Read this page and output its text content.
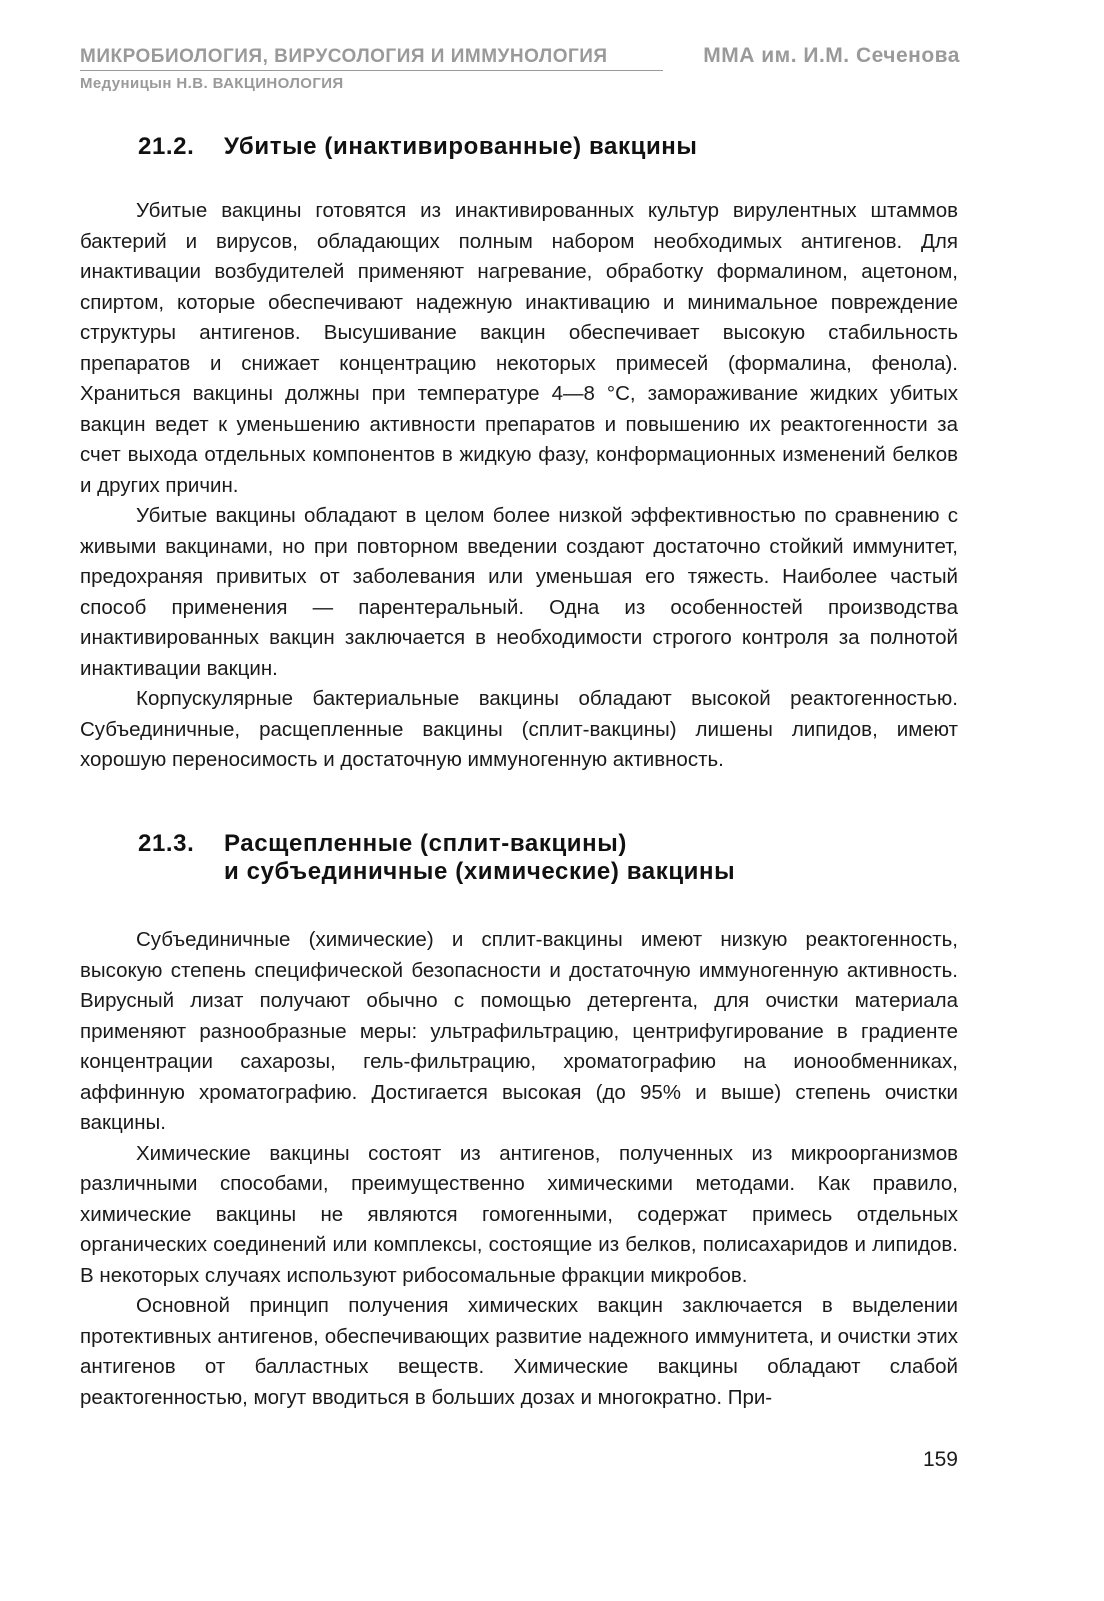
МИКРОБИОЛОГИЯ, ВИРУСОЛОГИЯ И ИММУНОЛОГИЯ	ММА им. И.М. Сеченова
Медуницын Н.В. ВАКЦИНОЛОГИЯ
21.2. Убитые (инактивированные) вакцины

Убитые вакцины готовятся из инактивированных культур вирулентных штаммов бактерий и вирусов, обладающих полным набором необходимых антигенов. Для инактивации возбудителей применяют нагревание, обработку формалином, ацетоном, спиртом, которые обеспечивают надежную инактивацию и минимальное повреждение структуры антигенов. Высушивание вакцин обеспечивает высокую стабильность препаратов и снижает концентрацию некоторых примесей (формалина, фенола). Храниться вакцины должны при температуре 4—8 °С, замораживание жидких убитых вакцин ведет к уменьшению активности препаратов и повышению их реактогенности за счет выхода отдельных компонентов в жидкую фазу, конформационных изменений белков и других причин.

Убитые вакцины обладают в целом более низкой эффективностью по сравнению с живыми вакцинами, но при повторном введении создают достаточно стойкий иммунитет, предохраняя привитых от заболевания или уменьшая его тяжесть. Наиболее частый способ применения — парентеральный. Одна из особенностей производства инактивированных вакцин заключается в необходимости строгого контроля за полнотой инактивации вакцин.

Корпускулярные бактериальные вакцины обладают высокой реактогенностью. Субъединичные, расщепленные вакцины (сплит-вакцины) лишены липидов, имеют хорошую переносимость и достаточную иммуногенную активность.

21.3. Расщепленные (сплит-вакцины)
и субъединичные (химические) вакцины

Субъединичные (химические) и сплит-вакцины имеют низкую реактогенность, высокую степень специфической безопасности и достаточную иммуногенную активность. Вирусный лизат получают обычно с помощью детергента, для очистки материала применяют разнообразные меры: ультрафильтрацию, центрифугирование в градиенте концентрации сахарозы, гель-фильтрацию, хроматографию на ионообменниках, аффинную хроматографию. Достигается высокая (до 95% и выше) степень очистки вакцины.

Химические вакцины состоят из антигенов, полученных из микроорганизмов различными способами, преимущественно химическими методами. Как правило, химические вакцины не являются гомогенными, содержат примесь отдельных органических соединений или комплексы, состоящие из белков, полисахаридов и липидов. В некоторых случаях используют рибосомальные фракции микробов.

Основной принцип получения химических вакцин заключается в выделении протективных антигенов, обеспечивающих развитие надежного иммунитета, и очистки этих антигенов от балластных веществ. Химические вакцины обладают слабой реактогенностью, могут вводиться в больших дозах и многократно. При-

159
